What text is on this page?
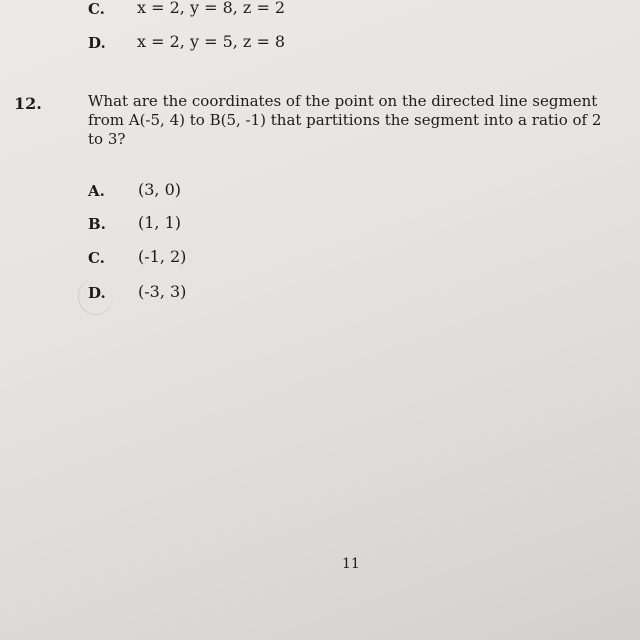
C. x = 2, y = 8, z = 2
D. x = 2, y = 5, z = 8
12.	What are the coordinates of the point on the directed line segment
from A(-5, 4) to B(5, -1) that partitions the segment into a ratio of 2
to 3?
A. (3, 0)
B. (1, 1)
C. (-1, 2)
D. (-3, 3)
11
